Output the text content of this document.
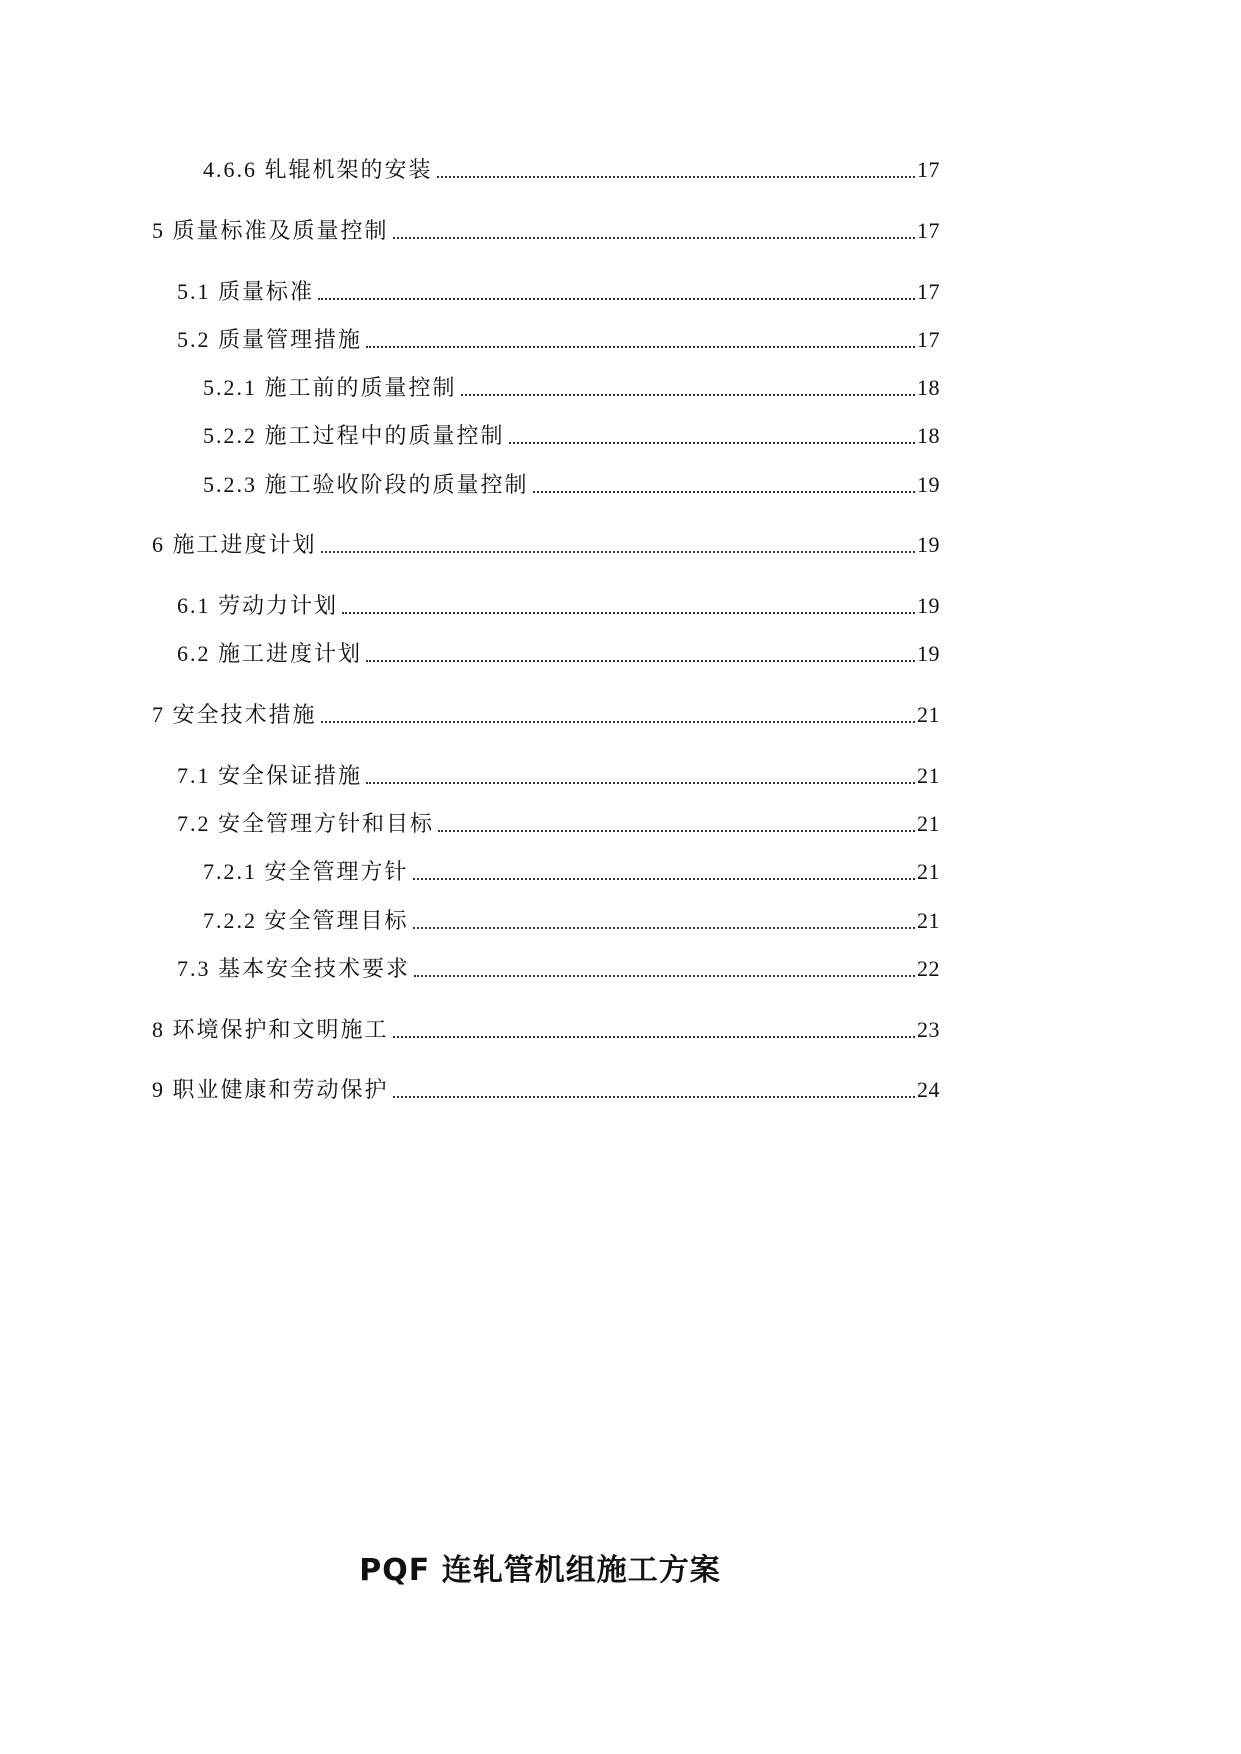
4.6.6 轧辊机架的安装	17
5 质量标准及质量控制	17
5.1 质量标准	17
5.2 质量管理措施	17
5.2.1 施工前的质量控制	18
5.2.2 施工过程中的质量控制	18
5.2.3 施工验收阶段的质量控制	19
6 施工进度计划	19
6.1 劳动力计划	19
6.2 施工进度计划	19
7 安全技术措施	21
7.1 安全保证措施	21
7.2 安全管理方针和目标	21
7.2.1 安全管理方针	21
7.2.2 安全管理目标	21
7.3 基本安全技术要求	22
8 环境保护和文明施工	23
9 职业健康和劳动保护	24
PQF 连轧管机组施工方案
